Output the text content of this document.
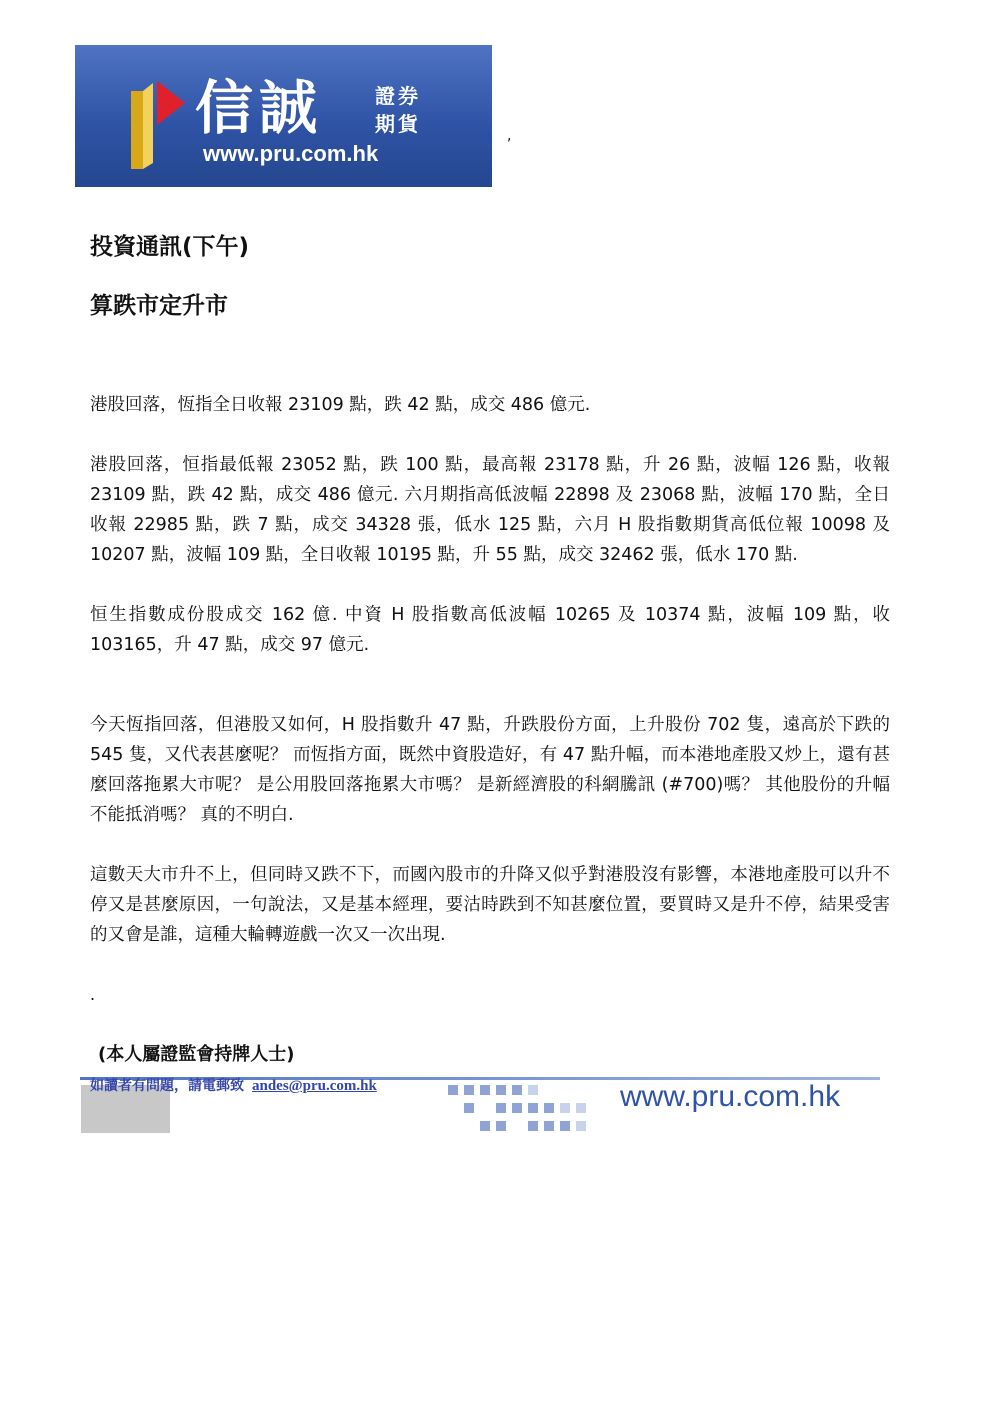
信誠	證券
期貨
www.pru.com.hk
,
投資通訊(下午)
算跌市定升市
港股回落，恆指全日收報 23109 點，跌 42 點，成交 486 億元.
港股回落，恒指最低報 23052 點，跌 100 點，最高報 23178 點，升 26 點，波幅 126 點，收報 23109 點，跌 42 點，成交 486 億元. 六月期指高低波幅 22898 及 23068 點，波幅 170 點，全日收報 22985 點，跌 7 點，成交 34328 張，低水 125 點，六月 H 股指數期貨高低位報 10098 及 10207 點，波幅 109 點，全日收報 10195 點，升 55 點，成交 32462 張，低水 170 點.
恒生指數成份股成交 162 億. 中資 H 股指數高低波幅 10265 及 10374 點，波幅 109 點，收 103165，升 47 點，成交 97 億元.
今天恆指回落，但港股又如何，H 股指數升 47 點，升跌股份方面，上升股份 702 隻，遠高於下跌的 545 隻，又代表甚麼呢？ 而恆指方面，既然中資股造好，有 47 點升幅，而本港地產股又炒上，還有甚麼回落拖累大市呢？ 是公用股回落拖累大市嗎？ 是新經濟股的科網騰訊 (#700)嗎？ 其他股份的升幅不能抵消嗎？ 真的不明白.
這數天大市升不上，但同時又跌不下，而國內股市的升降又似乎對港股沒有影響，本港地產股可以升不停又是甚麼原因，一句說法，又是基本經理，要沽時跌到不知甚麼位置，要買時又是升不停，結果受害的又會是誰，這種大輪轉遊戲一次又一次出現.
.
(本人屬證監會持牌人士)
如讀者有問題，請電郵致 andes@pru.com.hk	www.pru.com.hk
